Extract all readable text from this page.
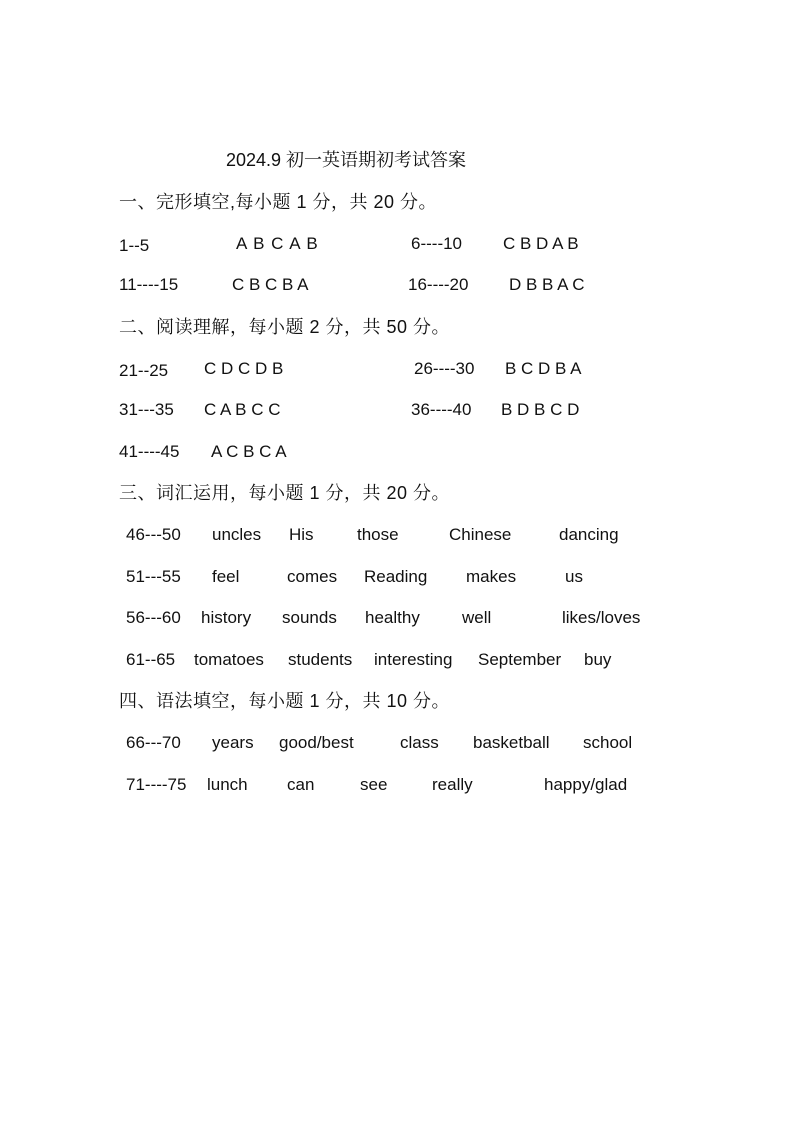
2024.9 初一英语期初考试答案
一、完形填空,每小题 1 分，共 20 分。
1--5	A B C A B	6----10 C B D A B
11----15	C B C B A	16----20 D B B A C
二、阅读理解，每小题 2 分，共 50 分。
21--25 C D C D B	26----30 B C D B A
31---35 C A B C C	36----40 B D B C D
41----45 A C B C A
三、词汇运用，每小题 1 分，共 20 分。
46---50 uncles His	those	Chinese	dancing
51---55 feel	comes Reading makes	us
56---60 history sounds healthy well	likes/loves
61--65 tomatoes students interesting September buy
四、语法填空，每小题 1 分，共 10 分。
66---70 years good/best	class basketball school
71----75 lunch can	see	really	happy/glad
